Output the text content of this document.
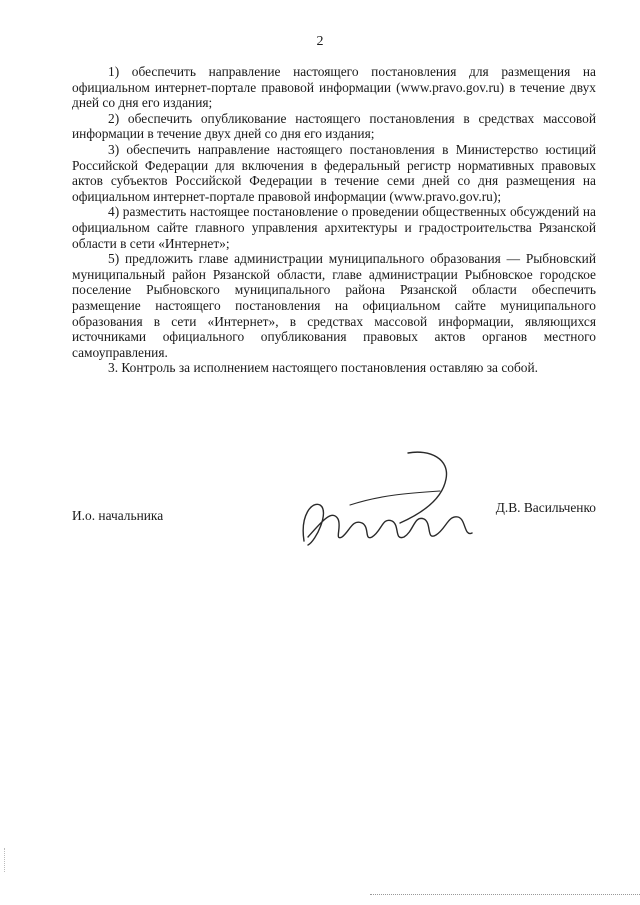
2

1) обеспечить направление настоящего постановления для размещения на официальном интернет-портале правовой информации (www.pravo.gov.ru) в течение двух дней со дня его издания;

2) обеспечить опубликование настоящего постановления в средствах массовой информации в течение двух дней со дня его издания;

3) обеспечить направление настоящего постановления в Министерство юстиций Российской Федерации для включения в федеральный регистр нормативных правовых актов субъектов Российской Федерации в течение семи дней со дня размещения на официальном интернет-портале правовой информации (www.pravo.gov.ru);

4) разместить настоящее постановление о проведении общественных обсуждений на официальном сайте главного управления архитектуры и градостроительства Рязанской области в сети «Интернет»;

5) предложить главе администрации муниципального образования — Рыбновский муниципальный район Рязанской области, главе администрации Рыбновское городское поселение Рыбновского муниципального района Рязанской области обеспечить размещение настоящего постановления на официальном сайте муниципального образования в сети «Интернет», в средствах массовой информации, являющихся источниками официального опубликования правовых актов органов местного самоуправления.

3. Контроль за исполнением настоящего постановления оставляю за собой.

И.о. начальника
Д.В. Васильченко
